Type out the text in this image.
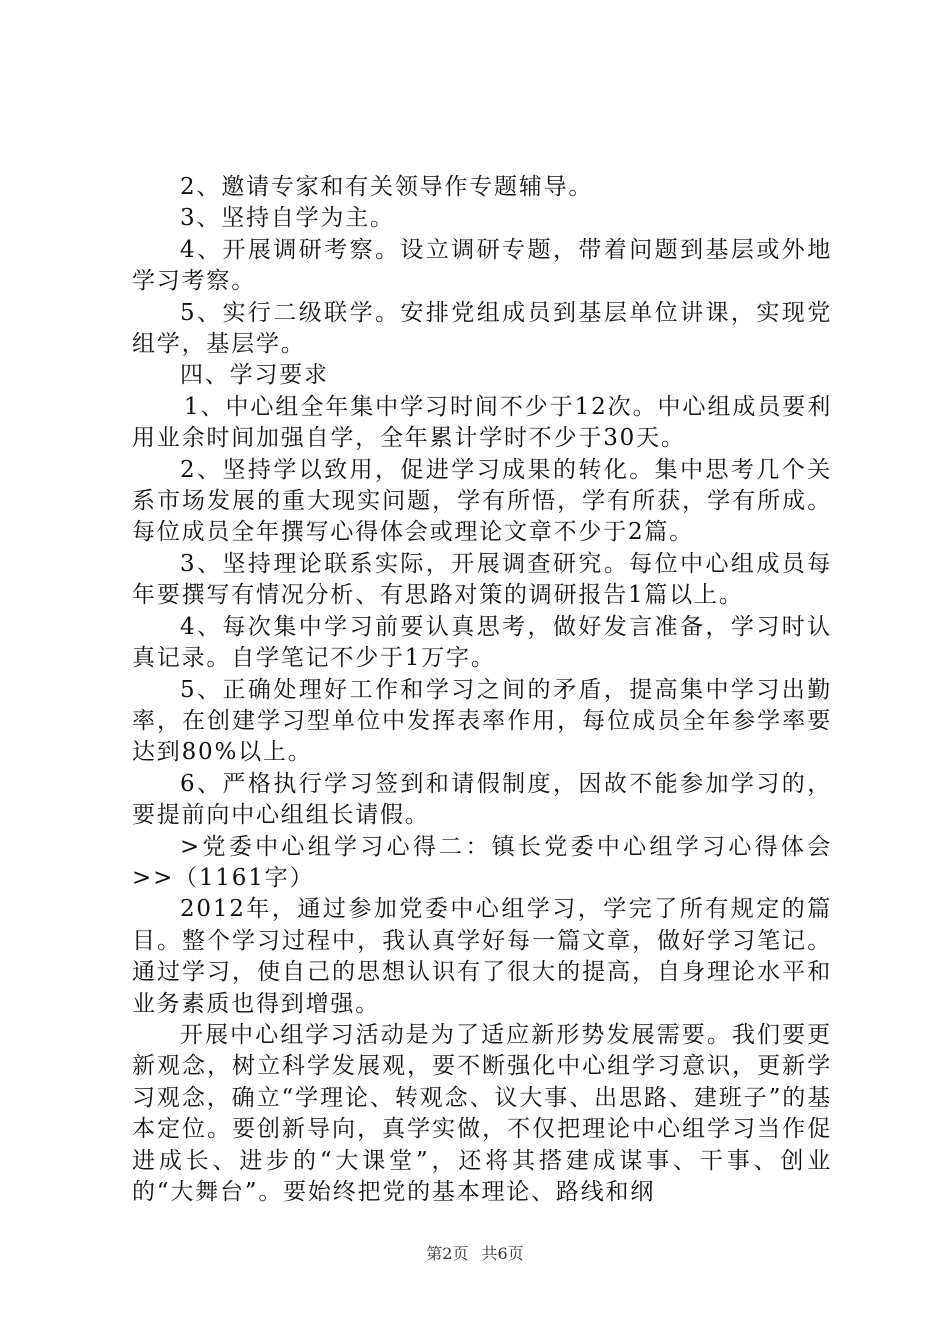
2、邀请专家和有关领导作专题辅导。

3、坚持自学为主。

4、开展调研考察。设立调研专题，带着问题到基层或外地学习考察。

5、实行二级联学。安排党组成员到基层单位讲课，实现党组学，基层学。

四、学习要求

1、中心组全年集中学习时间不少于12次。中心组成员要利用业余时间加强自学，全年累计学时不少于30天。

2、坚持学以致用，促进学习成果的转化。集中思考几个关系市场发展的重大现实问题，学有所悟，学有所获，学有所成。每位成员全年撰写心得体会或理论文章不少于2篇。

3、坚持理论联系实际，开展调查研究。每位中心组成员每年要撰写有情况分析、有思路对策的调研报告1篇以上。

4、每次集中学习前要认真思考，做好发言准备，学习时认真记录。自学笔记不少于1万字。

5、正确处理好工作和学习之间的矛盾，提高集中学习出勤率，在创建学习型单位中发挥表率作用，每位成员全年参学率要达到80%以上。

6、严格执行学习签到和请假制度，因故不能参加学习的，要提前向中心组组长请假。

>党委中心组学习心得二：镇长党委中心组学习心得体会>>（1161字）

2012年，通过参加党委中心组学习，学完了所有规定的篇目。整个学习过程中，我认真学好每一篇文章，做好学习笔记。通过学习，使自己的思想认识有了很大的提高，自身理论水平和业务素质也得到增强。

开展中心组学习活动是为了适应新形势发展需要。我们要更新观念，树立科学发展观，要不断强化中心组学习意识，更新学习观念，确立“学理论、转观念、议大事、出思路、建班子”的基本定位。要创新导向，真学实做，不仅把理论中心组学习当作促进成长、进步的“大课堂”，还将其搭建成谋事、干事、创业的“大舞台”。要始终把党的基本理论、路线和纲

第2页 共6页
